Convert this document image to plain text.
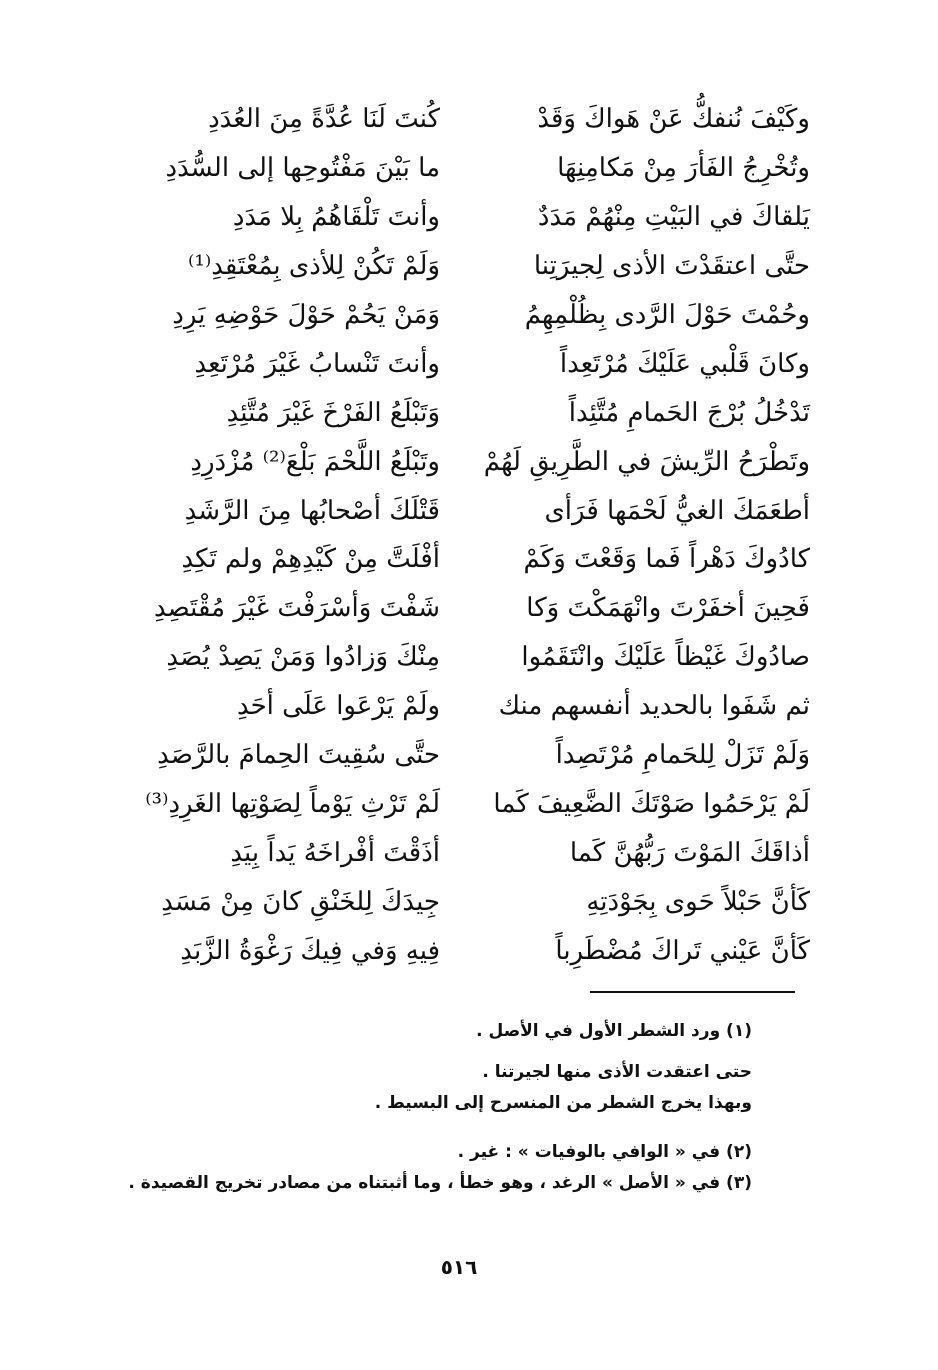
وكَيْفَ نُنفكُّ عَنْ هَواكَ وَقَدْ
كُنتَ لَنَا عُدَّةً مِنَ العُدَدِ
وتُخْرِجُ الفَأرَ مِنْ مَكامِنِهَا
ما بَيْنَ مَفْتُوحِها إلى السُّدَدِ
يَلقاكَ في البَيْتِ مِنْهُمْ مَدَدٌ
وأنتَ تَلْقَاهُمُ بِلا مَدَدِ
حتَّى اعتقَدْتَ الأذى لِجيرَتِنا
وَلَمْ تَكُنْ لِلأذى بِمُعْتَقِدِ⁽¹⁾
وحُمْتَ حَوْلَ الرَّدى بِظُلْمِهِمُ
وَمَنْ يَحُمْ حَوْلَ حَوْضِهِ يَرِدِ
وكانَ قَلْبي عَلَيْكَ مُرْتَعِداً
وأنتَ تَنْسابُ غَيْرَ مُرْتَعِدِ
تَدْخُلُ بُرْجَ الحَمامِ مُتَّئِداً
وَتَبْلَعُ الفَرْخَ غَيْرَ مُتَّئِدِ
وتَطْرَحُ الرِّيشَ في الطَّرِيقِ لَهُمْ
وتَبْلَعُ اللَّحْمَ بَلْعَ⁽²⁾ مُزْدَرِدِ
أطعَمَكَ الغيُّ لَحْمَها فَرَأى
قَتْلَكَ أصْحابُها مِنَ الرَّشَدِ
كادُوكَ دَهْراً فَما وَقَعْتَ وَكَمْ
أفْلَتَّ مِنْ كَيْدِهِمْ ولم تَكِدِ
فَحِينَ أخفَرْتَ وانْهَمَكْتَ وَكا
شَفْتَ وَأسْرَفْتَ غَيْرَ مُقْتَصِدِ
صادُوكَ غَيْظاً عَلَيْكَ وانْتَقَمُوا
مِنْكَ وَزادُوا وَمَنْ يَصِدْ يُصَدِ
ثم شَفَوا بالحديد أنفسهم منك
ولَمْ يَرْعَوا عَلَى أحَدِ
وَلَمْ تَزَلْ لِلحَمامِ مُرْتَصِداً
حتَّى سُقِيتَ الحِمامَ بالرَّصَدِ
لَمْ يَرْحَمُوا صَوْتَكَ الضَّعِيفَ كَما
لَمْ تَرْثِ يَوْماً لِصَوْتِها الغَرِدِ⁽³⁾
أذاقَكَ المَوْتَ رَبُّهُنَّ كَما
أذَقْتَ أفْراخَهُ يَداً بِيَدِ
كَأنَّ حَبْلاً حَوى بِجَوْدَتِهِ
جِيدَكَ لِلخَنْقِ كانَ مِنْ مَسَدِ
كَأنَّ عَيْني تَراكَ مُضْطَرِباً
فِيهِ وَفي فِيكَ رَغْوَةُ الزَّبَدِ
(١) ورد الشطر الأول في الأصل .
حتى اعتقدت الأذى منها لجيرتنا .
وبهذا يخرج الشطر من المنسرح إلى البسيط .
(٢) في « الوافي بالوفيات » : غير .
(٣) في « الأصل » الرغد ، وهو خطأ ، وما أثبتناه من مصادر تخريج القصيدة .
٥١٦
